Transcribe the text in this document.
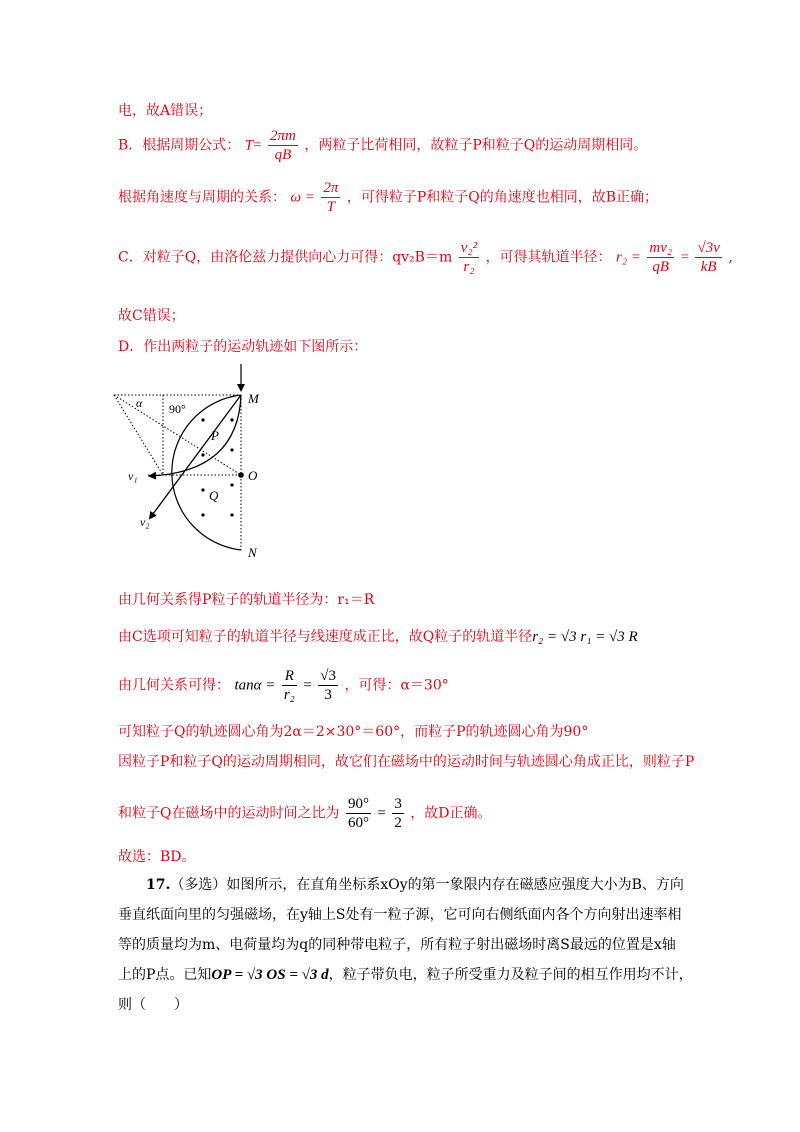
电，故A错误；
B．根据周期公式： $T= \frac{2\pi m}{qB}$ ，两粒子比荷相同，故粒子P和粒子Q的运动周期相同。
根据角速度与周期的关系： $\omega = \frac{2\pi}{T}$ ，可得粒子P和粒子Q的角速度也相同，故B正确；
C．对粒子Q，由洛伦兹力提供向心力可得：$qv_2B=m \frac{\text{v₂²}}{\text{r₂}}$ ，可得其轨道半径： $r_2 = \frac{\text{mv₂}}{qB} = \frac{√3v}{kB}$ ,
故C错误；
D．作出两粒子的运动轨迹如下图所示：
M
O
N
P
Q
v₁
v₂
α 90°
由几何关系得P粒子的轨道半径为：r₁＝R
由C选项可知粒子的轨道半径与线速度成正比，故Q粒子的轨道半径r₂ = √3 r₁ = √3 R
由几何关系可得： $\tan\alpha = \frac{R}{\text{r₂}} = \frac{√3}{3}$ ，可得：α＝30°
可知粒子Q的轨迹圆心角为2α＝2×30°＝60°，而粒子P的轨迹圆心角为90°
因粒子P和粒子Q的运动周期相同，故它们在磁场中的运动时间与轨迹圆心角成正比，则粒子P
和粒子Q在磁场中的运动时间之比为 $\frac{90^\circ}{60^\circ} = \frac{3}{2}$ ，故D正确。
故选：BD。

17.（多选）如图所示，在直角坐标系xOy的第一象限内存在磁感应强度大小为B、方向

垂直纸面向里的匀强磁场，在y轴上S处有一粒子源，它可向右侧纸面内各个方向射出速率相

等的质量均为m、电荷量均为q的同种带电粒子，所有粒子射出磁场时离S最远的位置是x轴

上的P点。已知OP = √3 OS = √3 d，粒子带负电，粒子所受重力及粒子间的相互作用均不计，

则（　　）
